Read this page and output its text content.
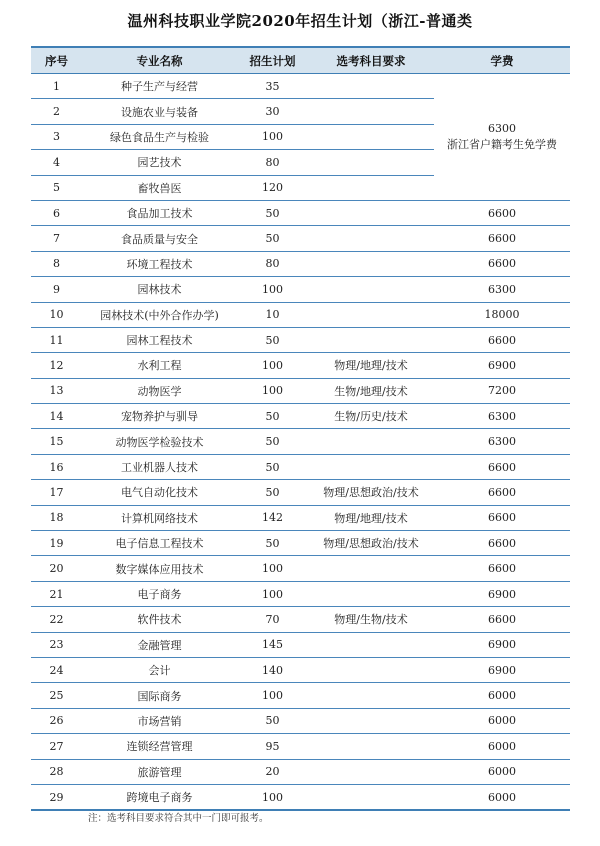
温州科技职业学院2020年招生计划（浙江-普通类
序号	专业名称	招生计划	选考科目要求	学费
1	种子生产与经营	35		6300
浙江省户籍考生免学费

2	设施农业与装备	30		
3	绿色食品生产与检验	100		
4	园艺技术	80		
5	畜牧兽医	120		
6	食品加工技术	50		6600
7	食品质量与安全	50		6600
8	环境工程技术	80		6600
9	园林技术	100		6300
10	园林技术(中外合作办学)	10		18000
11	园林工程技术	50		6600
12	水利工程	100	物理/地理/技术	6900
13	动物医学	100	生物/地理/技术	7200
14	宠物养护与驯导	50	生物/历史/技术	6300
15	动物医学检验技术	50		6300
16	工业机器人技术	50		6600
17	电气自动化技术	50	物理/思想政治/技术	6600
18	计算机网络技术	142	物理/地理/技术	6600
19	电子信息工程技术	50	物理/思想政治/技术	6600
20	数字媒体应用技术	100		6600
21	电子商务	100		6900
22	软件技术	70	物理/生物/技术	6600
23	金融管理	145		6900
24	会计	140		6900
25	国际商务	100		6000
26	市场营销	50		6000
27	连锁经营管理	95		6000
28	旅游管理	20		6000
29	跨境电子商务	100		6000
注：选考科目要求符合其中一门即可报考。
